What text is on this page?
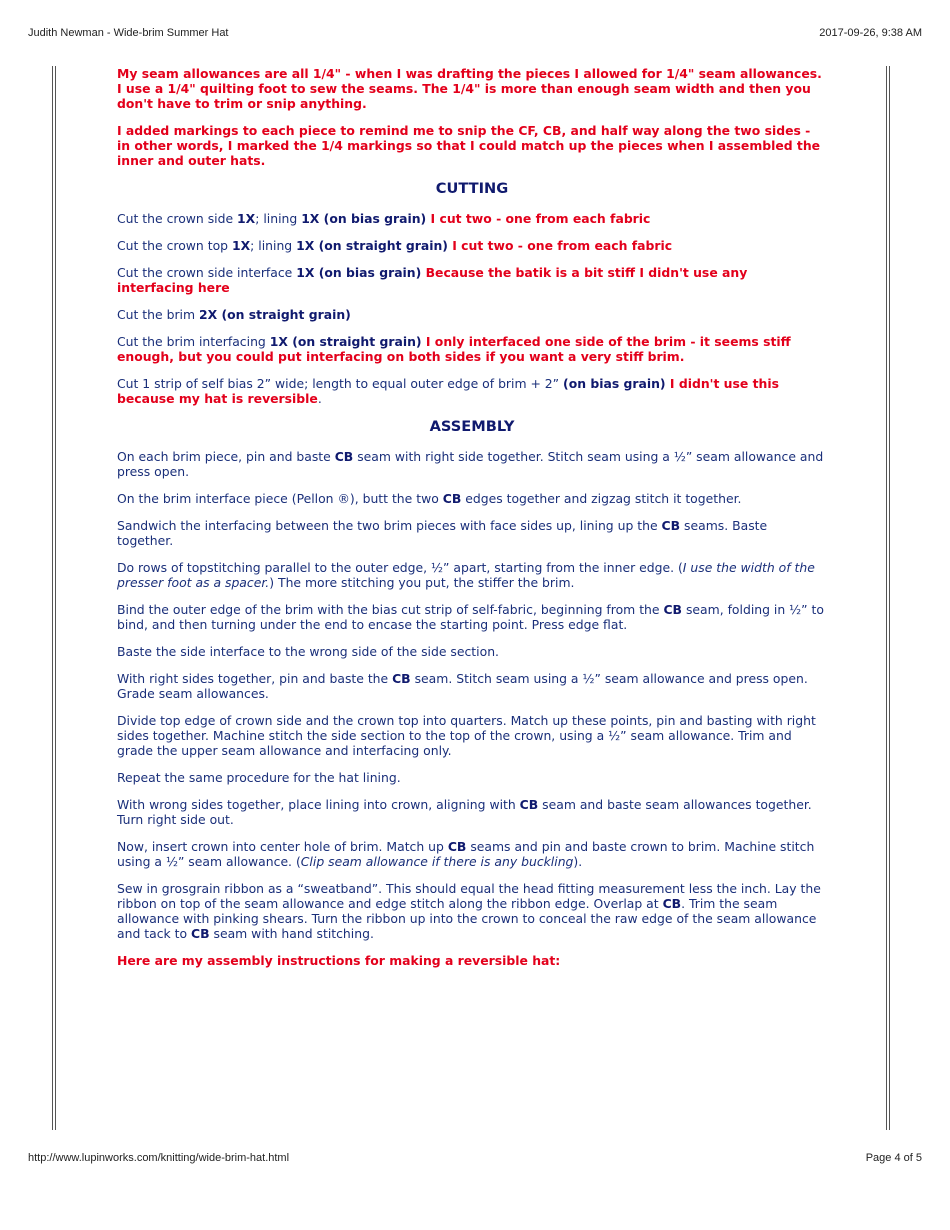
Judith Newman - Wide-brim Summer Hat	2017-09-26, 9:38 AM

My seam allowances are all 1/4" - when I was drafting the pieces I allowed for 1/4" seam allowances. I use a 1/4" quilting foot to sew the seams. The 1/4" is more than enough seam width and then you don't have to trim or snip anything.

I added markings to each piece to remind me to snip the CF, CB, and half way along the two sides - in other words, I marked the 1/4 markings so that I could match up the pieces when I assembled the inner and outer hats.

CUTTING

Cut the crown side 1X; lining 1X (on bias grain) I cut two - one from each fabric

Cut the crown top 1X; lining 1X (on straight grain) I cut two - one from each fabric

Cut the crown side interface 1X (on bias grain) Because the batik is a bit stiff I didn't use any interfacing here

Cut the brim 2X (on straight grain)

Cut the brim interfacing 1X (on straight grain) I only interfaced one side of the brim - it seems stiff enough, but you could put interfacing on both sides if you want a very stiff brim.

Cut 1 strip of self bias 2” wide; length to equal outer edge of brim + 2” (on bias grain) I didn't use this because my hat is reversible.

ASSEMBLY

On each brim piece, pin and baste CB seam with right side together. Stitch seam using a ½” seam allowance and press open.

On the brim interface piece (Pellon ®), butt the two CB edges together and zigzag stitch it together.

Sandwich the interfacing between the two brim pieces with face sides up, lining up the CB seams. Baste together.

Do rows of topstitching parallel to the outer edge, ½” apart, starting from the inner edge. (I use the width of the presser foot as a spacer.) The more stitching you put, the stiffer the brim.

Bind the outer edge of the brim with the bias cut strip of self-fabric, beginning from the CB seam, folding in ½” to bind, and then turning under the end to encase the starting point. Press edge flat.

Baste the side interface to the wrong side of the side section.

With right sides together, pin and baste the CB seam. Stitch seam using a ½” seam allowance and press open. Grade seam allowances.

Divide top edge of crown side and the crown top into quarters. Match up these points, pin and basting with right sides together. Machine stitch the side section to the top of the crown, using a ½” seam allowance. Trim and grade the upper seam allowance and interfacing only.

Repeat the same procedure for the hat lining.

With wrong sides together, place lining into crown, aligning with CB seam and baste seam allowances together. Turn right side out.

Now, insert crown into center hole of brim. Match up CB seams and pin and baste crown to brim. Machine stitch using a ½” seam allowance. (Clip seam allowance if there is any buckling).

Sew in grosgrain ribbon as a “sweatband”. This should equal the head fitting measurement less the inch. Lay the ribbon on top of the seam allowance and edge stitch along the ribbon edge. Overlap at CB. Trim the seam allowance with pinking shears. Turn the ribbon up into the crown to conceal the raw edge of the seam allowance and tack to CB seam with hand stitching.

Here are my assembly instructions for making a reversible hat:

http://www.lupinworks.com/knitting/wide-brim-hat.html	Page 4 of 5
